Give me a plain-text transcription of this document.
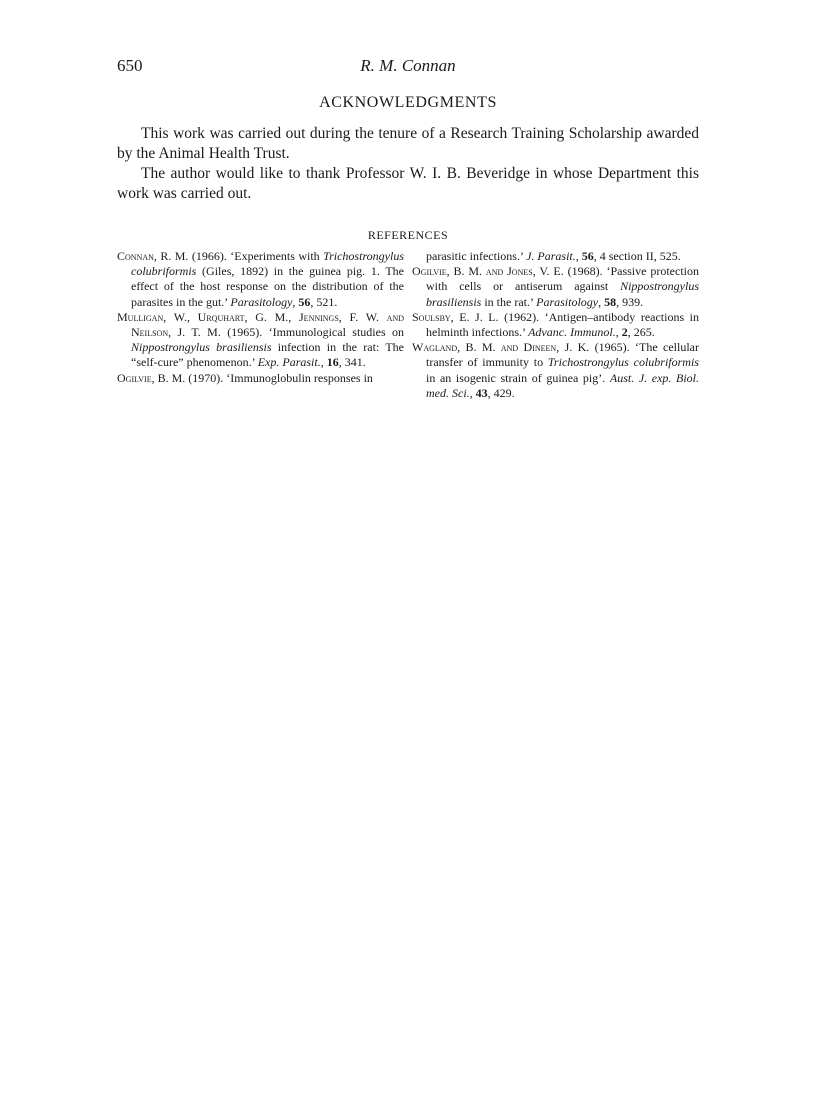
650	R. M. Connan
ACKNOWLEDGMENTS

This work was carried out during the tenure of a Research Training Scholarship awarded by the Animal Health Trust.

The author would like to thank Professor W. I. B. Beveridge in whose Department this work was carried out.

REFERENCES

Connan, R. M. (1966). ‘Experiments with Trichostrongylus colubriformis (Giles, 1892) in the guinea pig. 1. The effect of the host response on the distribution of the parasites in the gut.’ Parasitology, 56, 521.

Mulligan, W., Urquhart, G. M., Jennings, F. W. and Neilson, J. T. M. (1965). ‘Immunological studies on Nippostrongylus brasiliensis infection in the rat: The “self-cure” phenomenon.’ Exp. Parasit., 16, 341.

Ogilvie, B. M. (1970). ‘Immunoglobulin responses in

parasitic infections.’ J. Parasit., 56, 4 section II, 525.

Ogilvie, B. M. and Jones, V. E. (1968). ‘Passive protection with cells or antiserum against Nippostrongylus brasiliensis in the rat.’ Parasitology, 58, 939.

Soulsby, E. J. L. (1962). ‘Antigen–antibody reactions in helminth infections.’ Advanc. Immunol., 2, 265.

Wagland, B. M. and Dineen, J. K. (1965). ‘The cellular transfer of immunity to Trichostrongylus colubriformis in an isogenic strain of guinea pig’. Aust. J. exp. Biol. med. Sci., 43, 429.
